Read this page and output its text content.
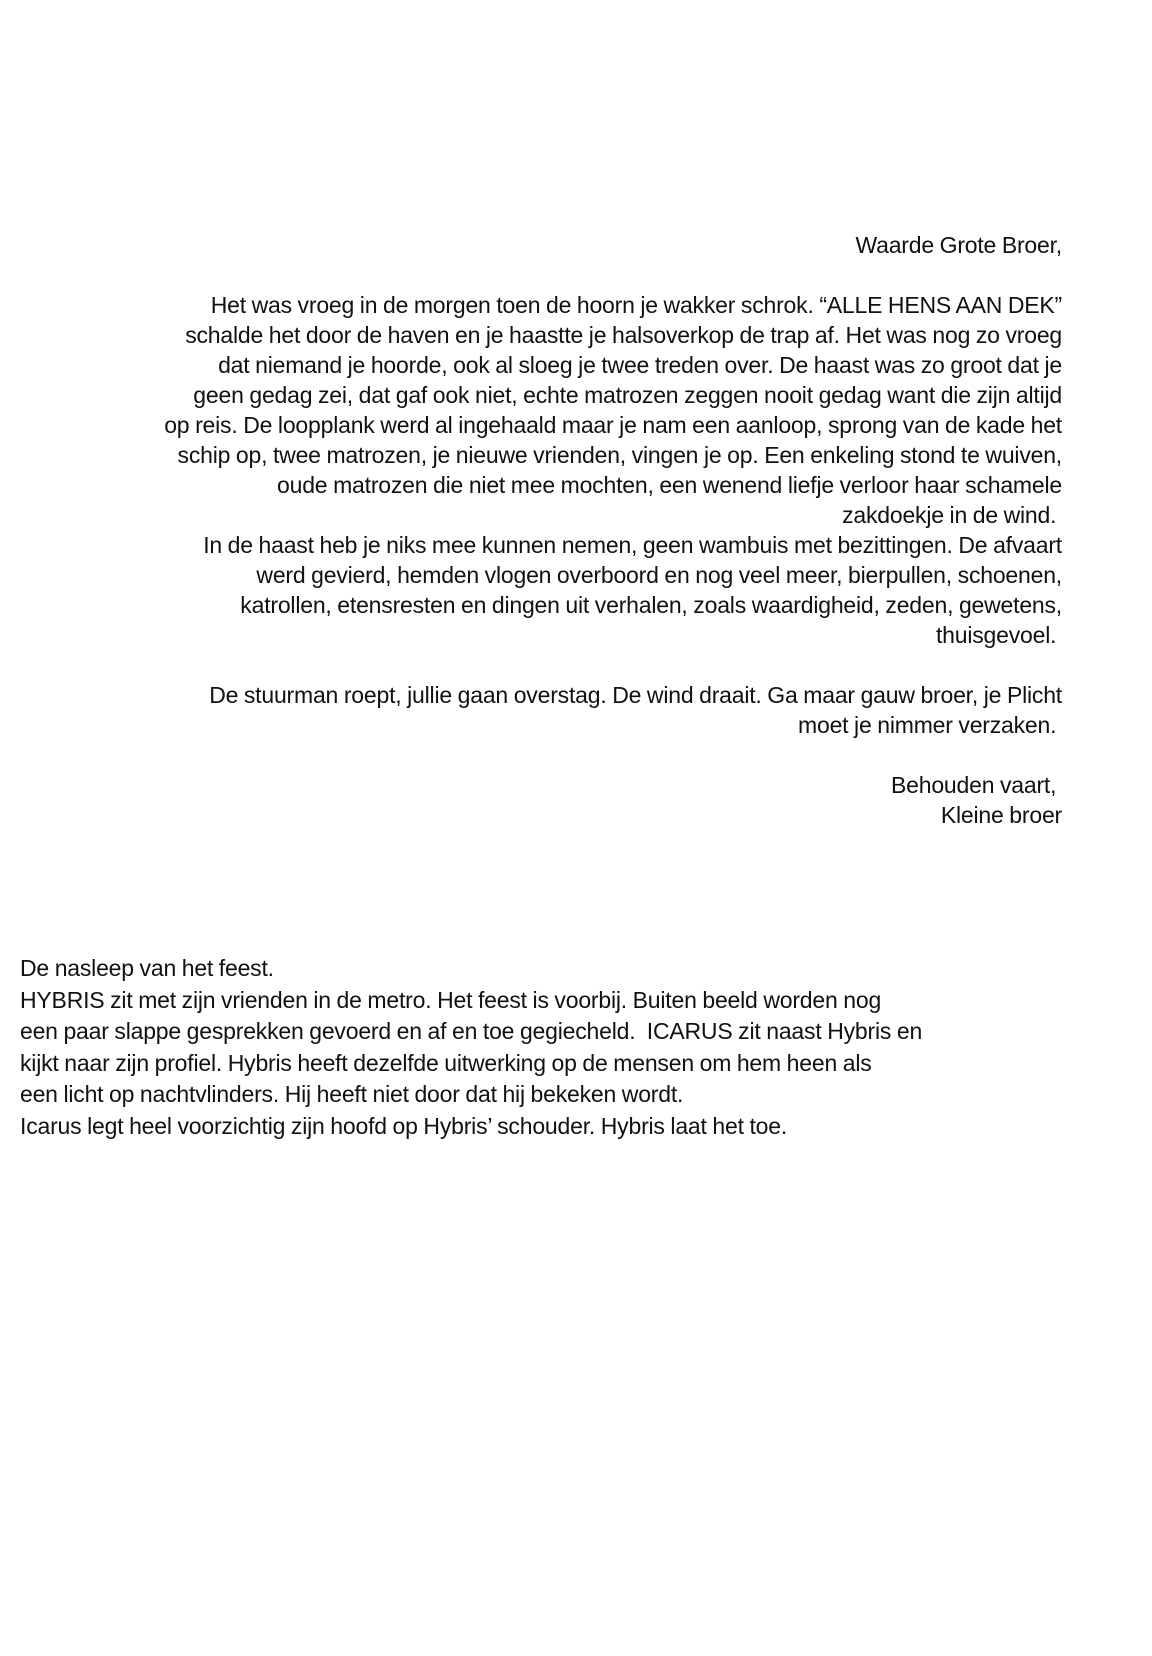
Waarde Grote Broer,

Het was vroeg in de morgen toen de hoorn je wakker schrok. “ALLE HENS AAN DEK”
schalde het door de haven en je haastte je halsoverkop de trap af. Het was nog zo vroeg
dat niemand je hoorde, ook al sloeg je twee treden over. De haast was zo groot dat je
geen gedag zei, dat gaf ook niet, echte matrozen zeggen nooit gedag want die zijn altijd
op reis. De loopplank werd al ingehaald maar je nam een aanloop, sprong van de kade het
schip op, twee matrozen, je nieuwe vrienden, vingen je op. Een enkeling stond te wuiven,
oude matrozen die niet mee mochten, een wenend liefje verloor haar schamele
zakdoekje in de wind.

In de haast heb je niks mee kunnen nemen, geen wambuis met bezittingen. De afvaart
werd gevierd, hemden vlogen overboord en nog veel meer, bierpullen, schoenen,
katrollen, etensresten en dingen uit verhalen, zoals waardigheid, zeden, gewetens,
thuisgevoel.

De stuurman roept, jullie gaan overstag. De wind draait. Ga maar gauw broer, je Plicht
moet je nimmer verzaken.

Behouden vaart,
Kleine broer

De nasleep van het feest.

HYBRIS zit met zijn vrienden in de metro. Het feest is voorbij. Buiten beeld worden nog
een paar slappe gesprekken gevoerd en af en toe gegiecheld.  ICARUS zit naast Hybris en
kijkt naar zijn profiel. Hybris heeft dezelfde uitwerking op de mensen om hem heen als
een licht op nachtvlinders. Hij heeft niet door dat hij bekeken wordt.
Icarus legt heel voorzichtig zijn hoofd op Hybris’ schouder. Hybris laat het toe.
